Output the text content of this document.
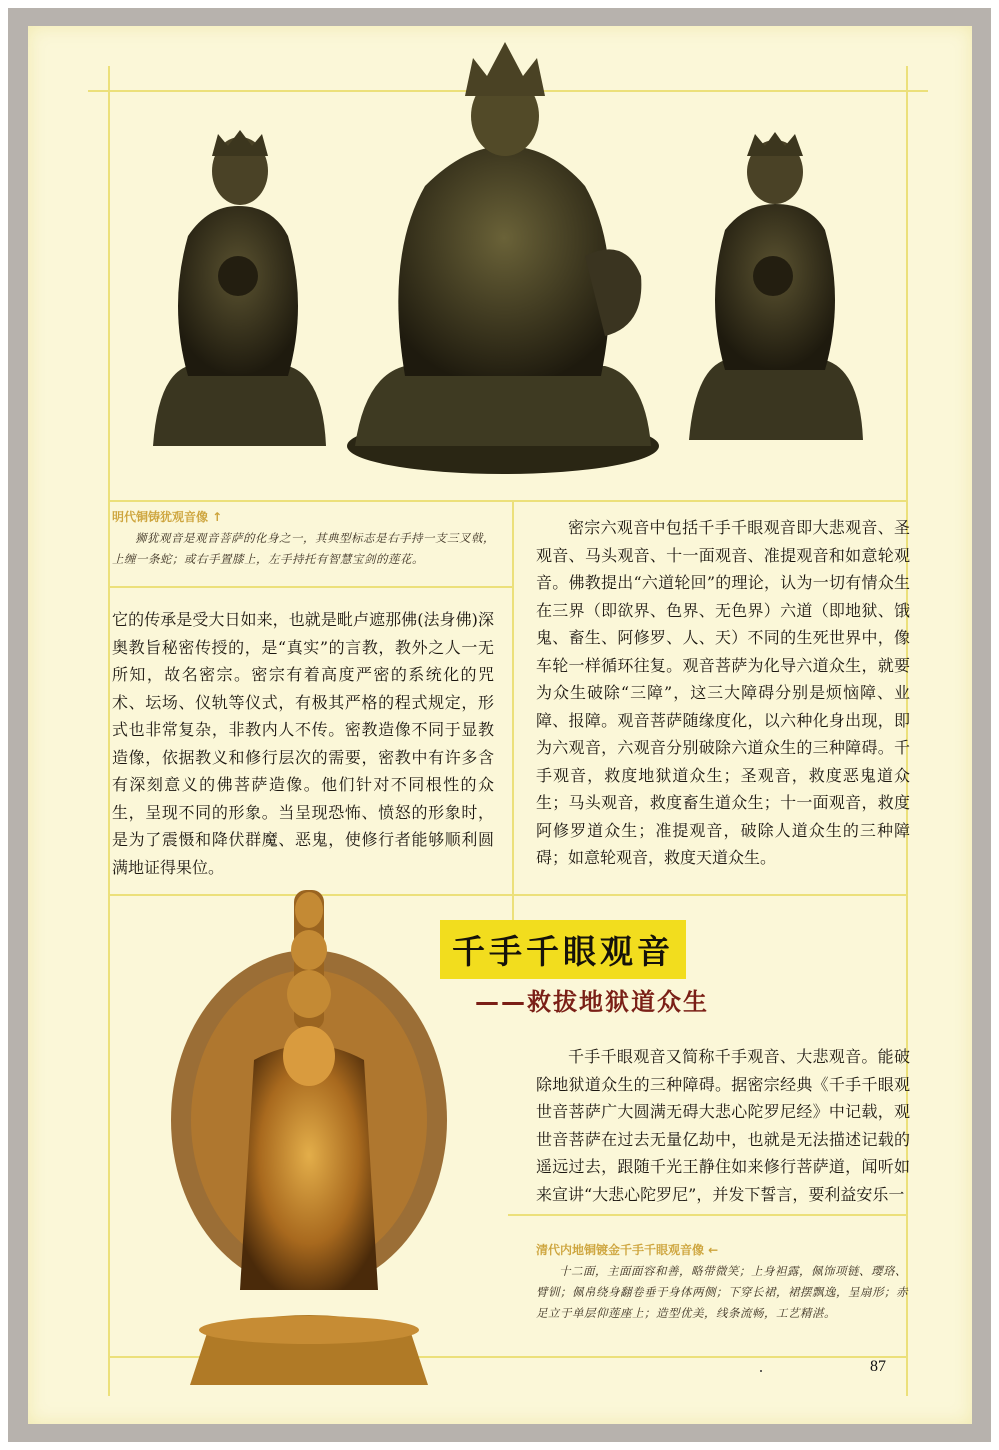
明代铜铸犹观音像 ↑
狮犹观音是观音菩萨的化身之一，其典型标志是右手持一支三叉戟，上缠一条蛇；或右手置膝上，左手持托有智慧宝剑的莲花。
它的传承是受大日如来，也就是毗卢遮那佛(法身佛)深奥教旨秘密传授的，是“真实”的言教，教外之人一无所知，故名密宗。密宗有着高度严密的系统化的咒术、坛场、仪轨等仪式，有极其严格的程式规定，形式也非常复杂，非教内人不传。密教造像不同于显教造像，依据教义和修行层次的需要，密教中有许多含有深刻意义的佛菩萨造像。他们针对不同根性的众生，呈现不同的形象。当呈现恐怖、愤怒的形象时，是为了震慑和降伏群魔、恶鬼，使修行者能够顺利圆满地证得果位。
密宗六观音中包括千手千眼观音即大悲观音、圣观音、马头观音、十一面观音、准提观音和如意轮观音。佛教提出“六道轮回”的理论，认为一切有情众生在三界（即欲界、色界、无色界）六道（即地狱、饿鬼、畜生、阿修罗、人、天）不同的生死世界中，像车轮一样循环往复。观音菩萨为化导六道众生，就要为众生破除“三障”，这三大障碍分别是烦恼障、业障、报障。观音菩萨随缘度化，以六种化身出现，即为六观音，六观音分别破除六道众生的三种障碍。千手观音，救度地狱道众生；圣观音，救度恶鬼道众生；马头观音，救度畜生道众生；十一面观音，救度阿修罗道众生；准提观音，破除人道众生的三种障碍；如意轮观音，救度天道众生。
千手千眼观音
——救拔地狱道众生
千手千眼观音又简称千手观音、大悲观音。能破除地狱道众生的三种障碍。据密宗经典《千手千眼观世音菩萨广大圆满无碍大悲心陀罗尼经》中记载，观世音菩萨在过去无量亿劫中，也就是无法描述记载的遥远过去，跟随千光王静住如来修行菩萨道，闻听如来宣讲“大悲心陀罗尼”，并发下誓言，要利益安乐一
清代内地铜镀金千手千眼观音像 ←
十二面，主面面容和善，略带微笑；上身袒露，佩饰项链、璎珞、臂钏；佩帛绕身翻卷垂于身体两侧；下穿长裙，裙摆飘逸，呈扇形；赤足立于单层仰莲座上；造型优美，线条流畅，工艺精湛。
87
